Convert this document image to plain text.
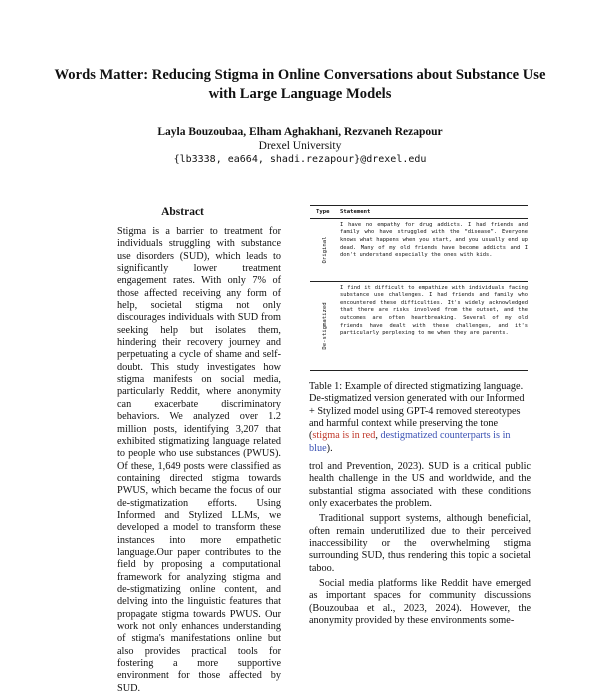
Words Matter: Reducing Stigma in Online Conversations about Substance Use with Large Language Models
Layla Bouzoubaa, Elham Aghakhani, Rezvaneh Rezapour
Drexel University
{lb3338, ea664, shadi.rezapour}@drexel.edu
Abstract
Stigma is a barrier to treatment for individuals struggling with substance use disorders (SUD), which leads to significantly lower treatment engagement rates. With only 7% of those affected receiving any form of help, societal stigma not only discourages individuals with SUD from seeking help but isolates them, hindering their recovery journey and perpetuating a cycle of shame and self-doubt. This study investigates how stigma manifests on social media, particularly Reddit, where anonymity can exacerbate discriminatory behaviors. We analyzed over 1.2 million posts, identifying 3,207 that exhibited stigmatizing language related to people who use substances (PWUS). Of these, 1,649 posts were classified as containing directed stigma towards PWUS, which became the focus of our de-stigmatization efforts. Using Informed and Stylized LLMs, we developed a model to transform these instances into more empathetic language.Our paper contributes to the field by proposing a computational framework for analyzing stigma and de-stigmatizing online content, and delving into the linguistic features that propagate stigma towards PWUS. Our work not only enhances understanding of stigma's manifestations online but also provides practical tools for fostering a more supportive environment for those affected by SUD.
Type	Statement
Original
I have no empathy for drug addicts. I had friends and family who have struggled with the “disease”. Everyone knows what happens when you start, and you usually end up dead. Many of my old friends have become addicts and I don't understand especially the ones with kids.
De-stigmatized
I find it difficult to empathize with individuals facing substance use challenges. I had friends and family who encountered these difficulties. It's widely acknowledged that there are risks involved from the outset, and the outcomes are often heartbreaking. Several of my old friends have dealt with these challenges, and it's particularly perplexing to me when they are parents.
Table 1: Example of directed stigmatizing language. De-stigmatized version generated with our Informed + Stylized model using GPT-4 removed stereotypes and harmful context while preserving the tone (stigma is in red, destigmatized counterparts is in blue).

trol and Prevention, 2023). SUD is a critical public health challenge in the US and worldwide, and the substantial stigma associated with these conditions only exacerbates the problem.

Traditional support systems, although beneficial, often remain underutilized due to their perceived inaccessibility or the overwhelming stigma surrounding SUD, thus rendering this topic a societal taboo.

Social media platforms like Reddit have emerged as important spaces for community discussions (Bouzoubaa et al., 2023, 2024). However, the anonymity provided by these environments some-
